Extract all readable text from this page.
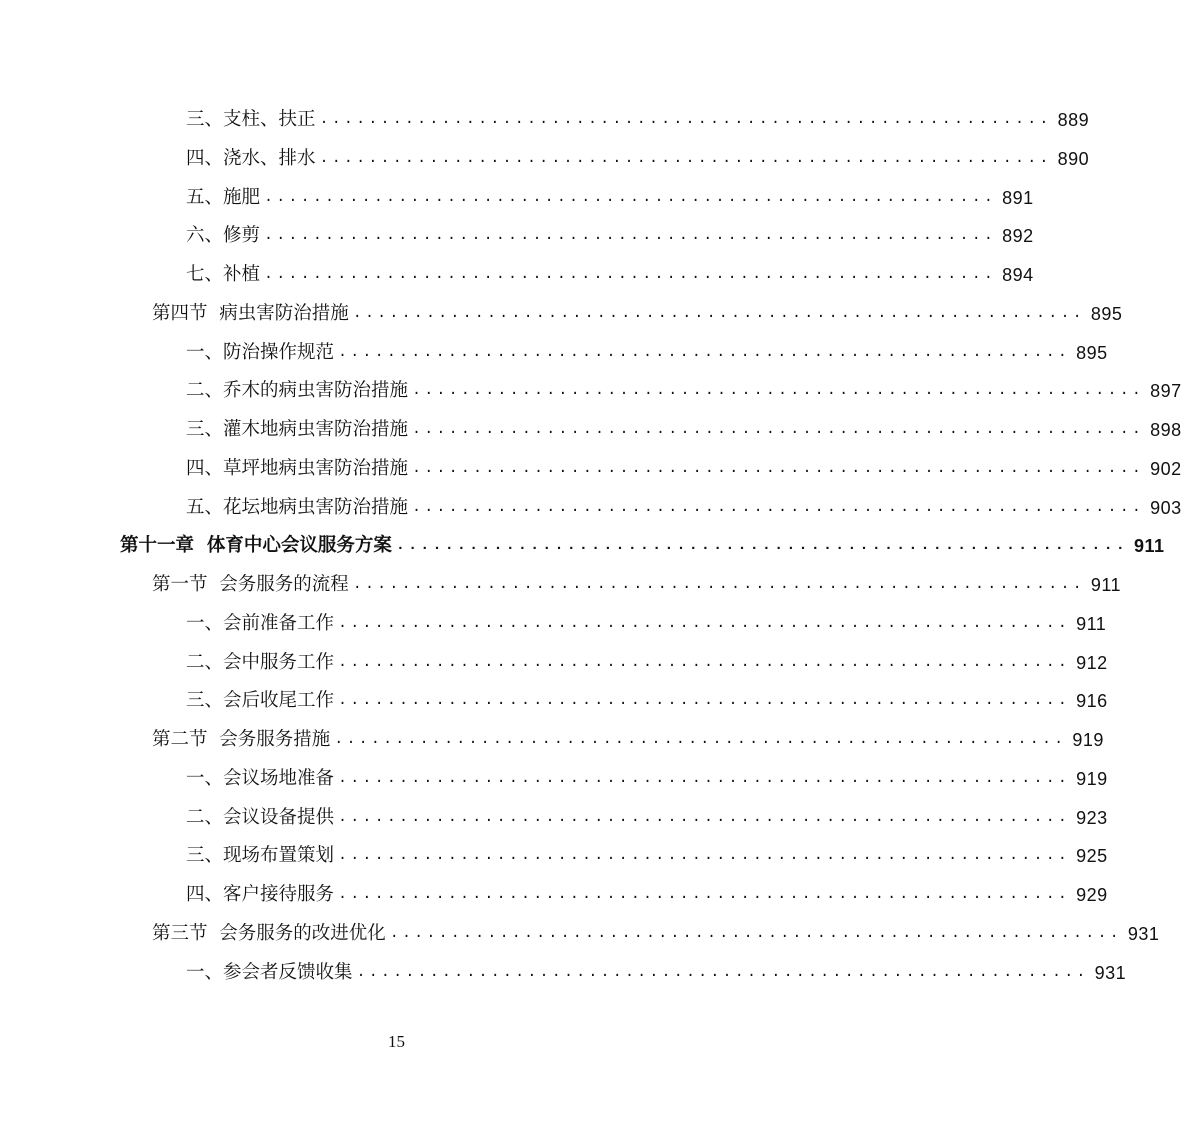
三、支柱、扶正 ............................................................ 889
四、浇水、排水 ............................................................ 890
五、施肥 ............................................................ 891
六、修剪 ............................................................ 892
七、补植 ............................................................ 894
第四节  病虫害防治措施 ............................................................ 895
一、防治操作规范 ............................................................ 895
二、乔木的病虫害防治措施 ............................................................ 897
三、灌木地病虫害防治措施 ............................................................ 898
四、草坪地病虫害防治措施 ............................................................ 902
五、花坛地病虫害防治措施 ............................................................ 903
第十一章  体育中心会议服务方案 ............................................................ 911
第一节  会务服务的流程 ............................................................ 911
一、会前准备工作 ............................................................ 911
二、会中服务工作 ............................................................ 912
三、会后收尾工作 ............................................................ 916
第二节  会务服务措施 ............................................................ 919
一、会议场地准备 ............................................................ 919
二、会议设备提供 ............................................................ 923
三、现场布置策划 ............................................................ 925
四、客户接待服务 ............................................................ 929
第三节  会务服务的改进优化 ............................................................ 931
一、参会者反馈收集 ............................................................ 931
15
